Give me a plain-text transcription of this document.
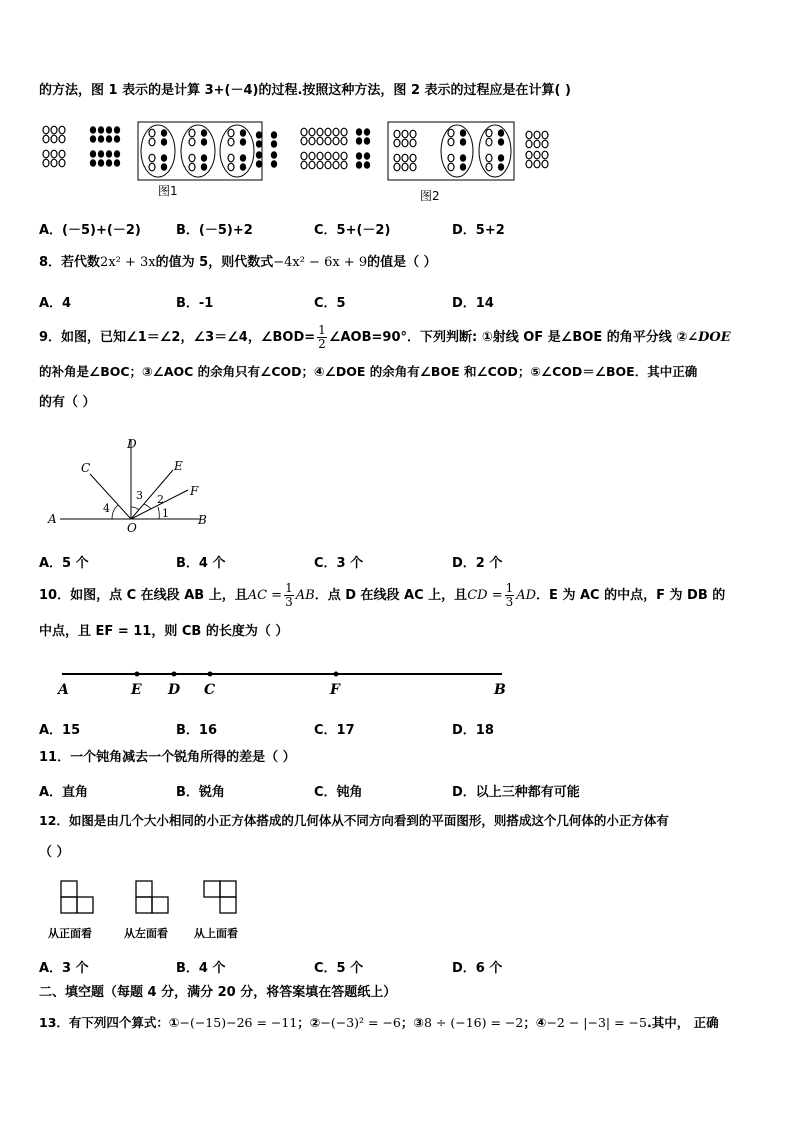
的方法，图 1 表示的是计算 3+(－4)的过程.按照这种方法，图 2 表示的过程应是在计算( )
图1	图2
A．(－5)+(－2)	B．(－5)+2	C．5+(－2)	D．5+2
8．若代数2x² + 3x的值为 5，则代数式−4x² − 6x + 9的值是（ ）
A．4	B．-1	C．5	D．14
9．如图，已知∠1＝∠2，∠3＝∠4，∠BOD= $\frac{1}{2}$ ∠AOB=90°．下列判断: ①射线 OF 是∠BOE 的角平分线 ②∠DOE
的补角是∠BOC；③∠AOC 的余角只有∠COD；④∠DOE 的余角有∠BOE 和∠COD；⑤∠COD＝∠BOE．其中正确
的有（ ）
A	B
C
D
E
F
O
1
2
3
4
A．5 个	B．4 个	C．3 个	D．2 个
10．如图，点 C 在线段 AB 上，且AC = $\frac{1}{3}$ AB．点 D 在线段 AC 上，且CD = $\frac{1}{3}$ AD．E 为 AC 的中点，F 为 DB 的
中点，且 EF = 11，则 CB 的长度为（ ）
A	E D C	F	B
A．15	B．16	C．17	D．18
11．一个钝角减去一个锐角所得的差是（ ）
A．直角	B．锐角	C．钝角	D．以上三种都有可能
12．如图是由几个大小相同的小正方体搭成的几何体从不同方向看到的平面图形，则搭成这个几何体的小正方体有
（ ）
从正面看	从左面看 从上面看
A．3 个	B．4 个	C．5 个	D．6 个
二、填空题（每题 4 分，满分 20 分，将答案填在答题纸上）
13．有下列四个算式：①−(−15)−26 = −11；②−(−3)² = −6；③8 ÷ (−16) = −2；④−2 − |−3| = −5.其中， 正确
